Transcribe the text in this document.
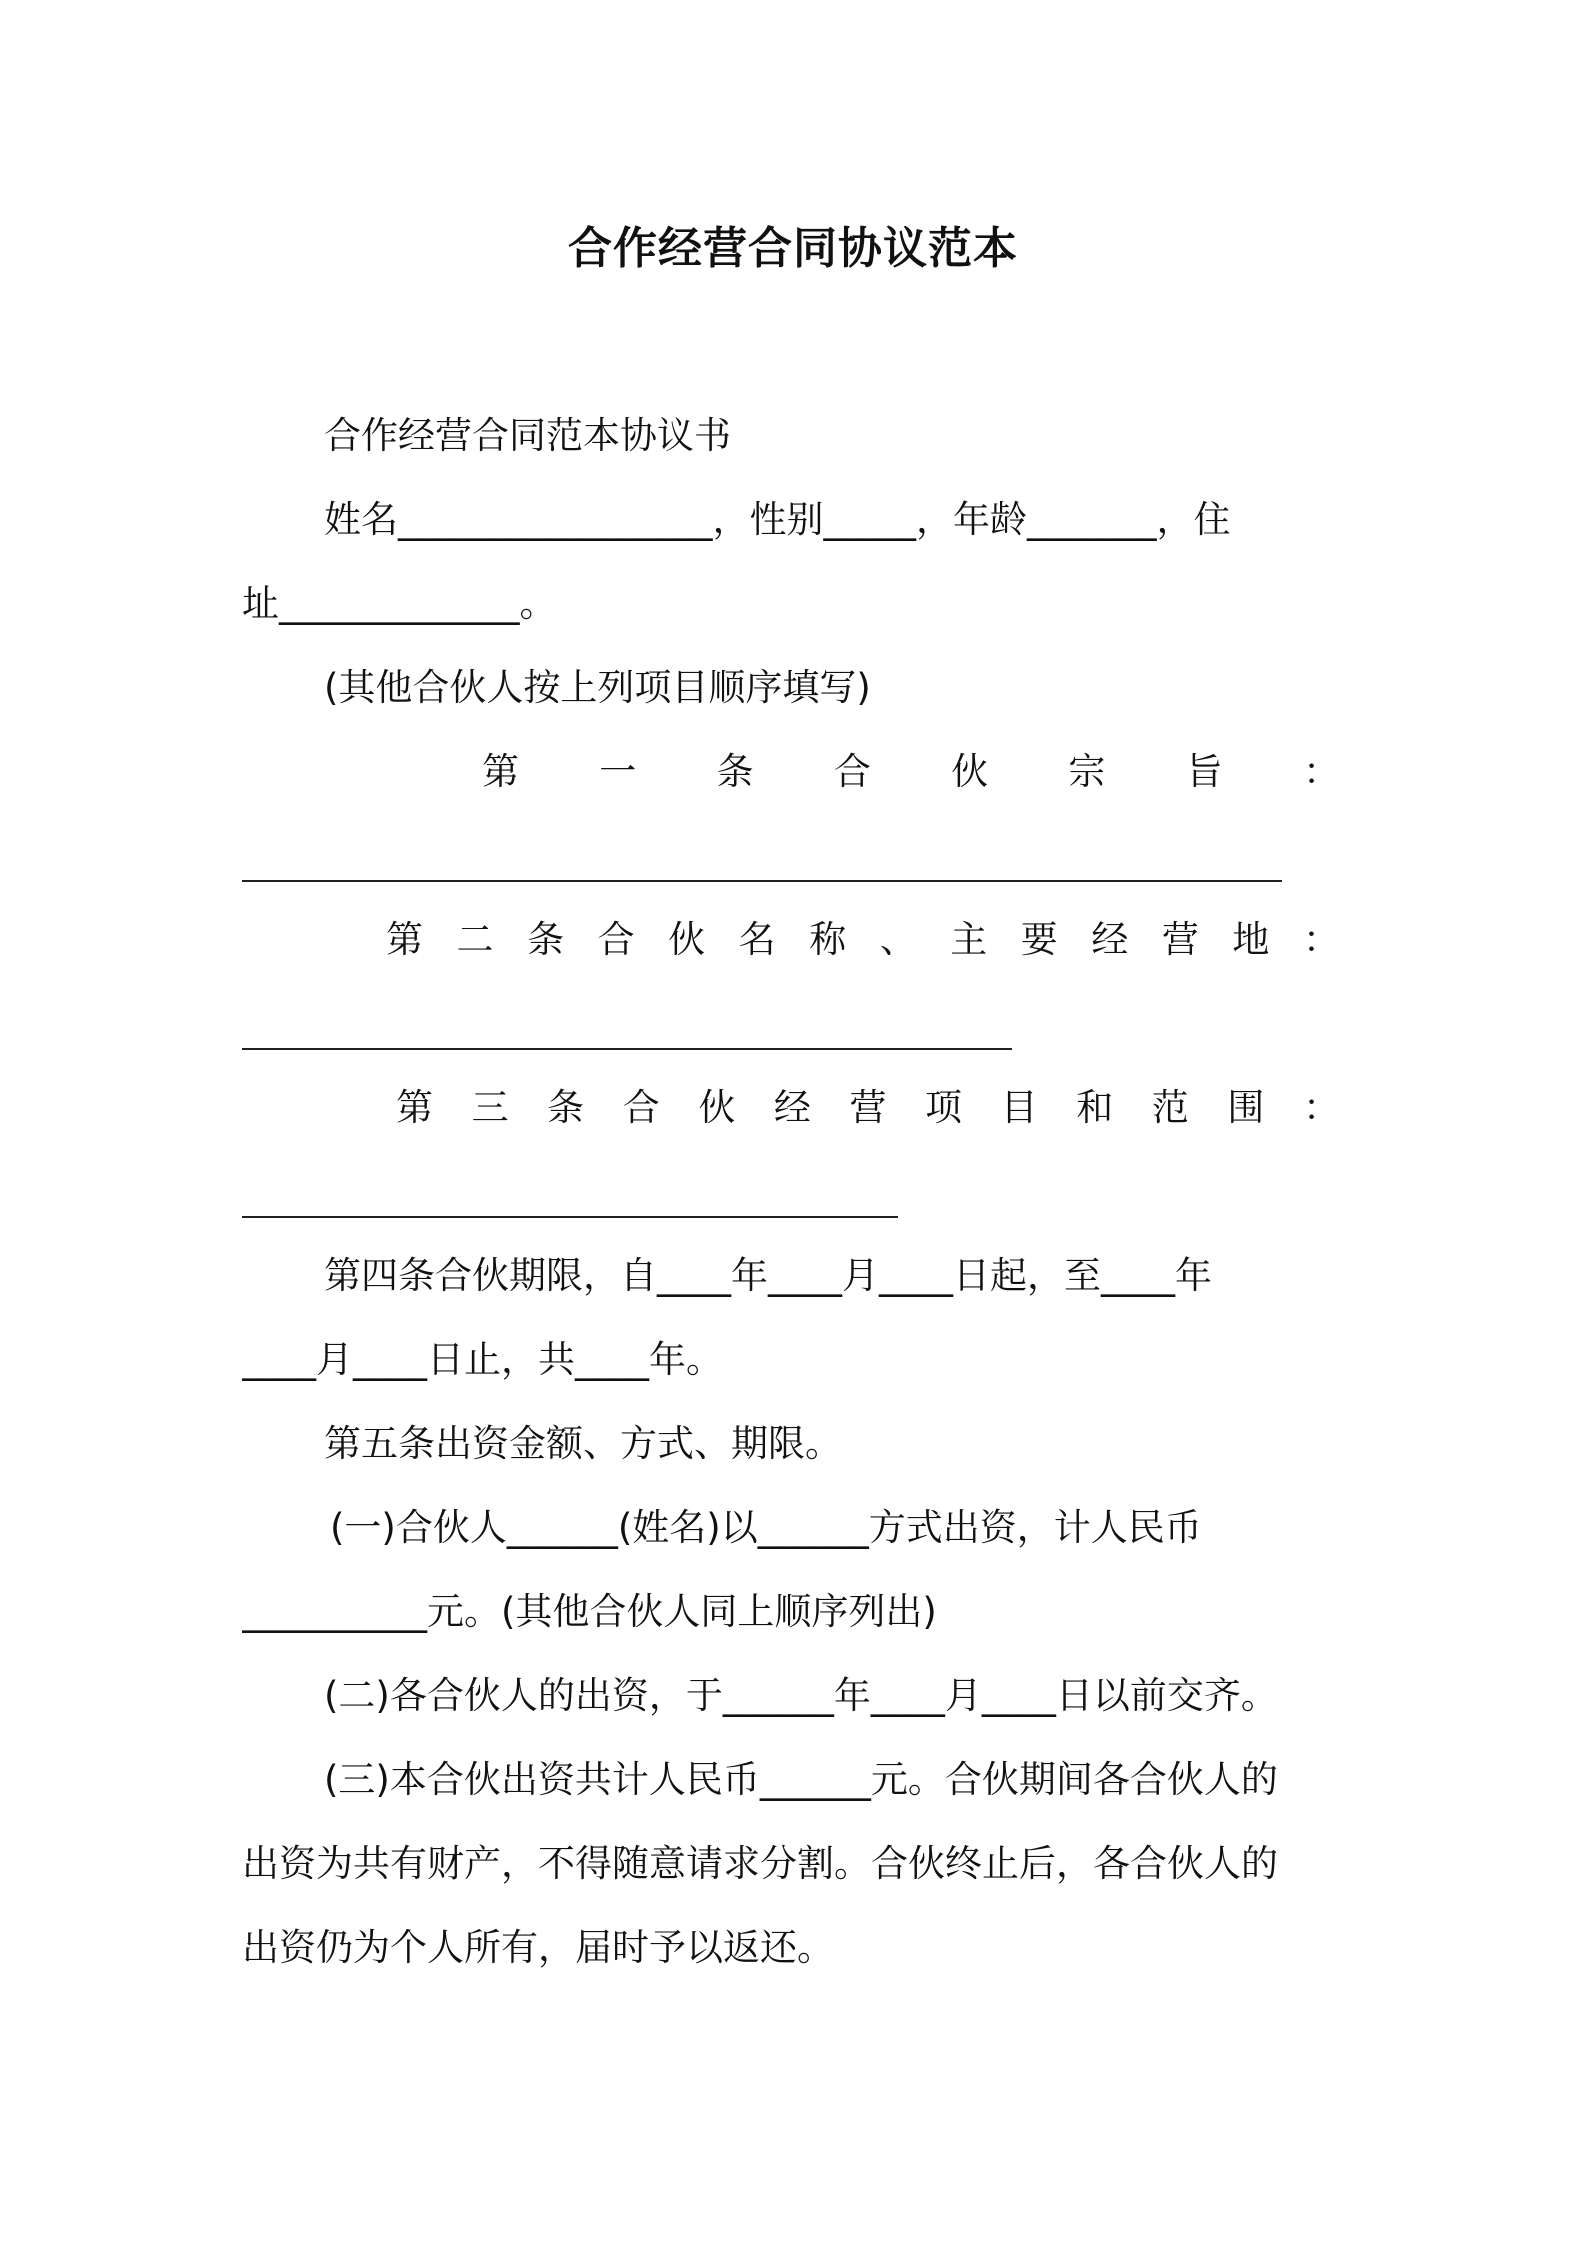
合作经营合同协议范本
合作经营合同范本协议书
姓名_________________，性别_____，年龄_______，住
址_____________。
(其他合伙人按上列项目顺序填写)
第 一 条 合 伙 宗 旨 ：
第 二 条 合 伙 名 称 、 主 要 经 营 地 ：
第 三 条 合 伙 经 营 项 目 和 范 围 ：
第四条合伙期限，自____年____月____日起，至____年
____月____日止，共____年。
第五条出资金额、方式、期限。
(一)合伙人______(姓名)以______方式出资，计人民币
__________元。(其他合伙人同上顺序列出)
(二)各合伙人的出资，于______年____月____日以前交齐。
(三)本合伙出资共计人民币______元。合伙期间各合伙人的
出资为共有财产，不得随意请求分割。合伙终止后，各合伙人的
出资仍为个人所有，届时予以返还。
